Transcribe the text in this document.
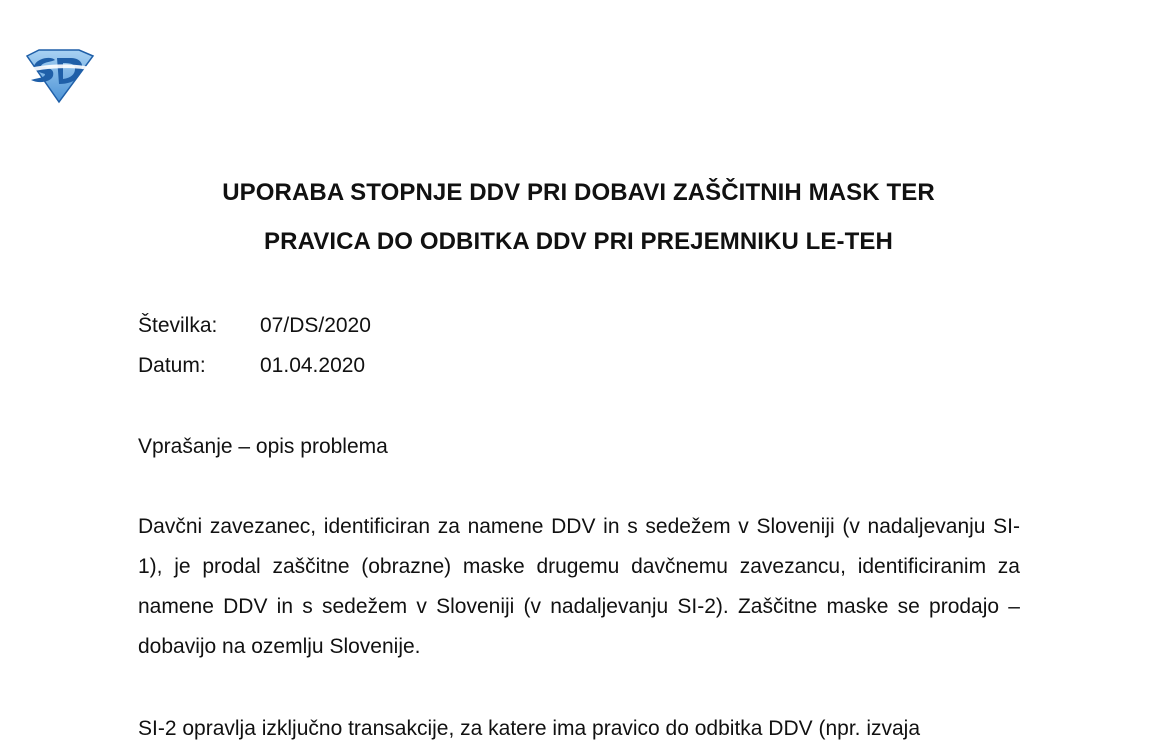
UPORABA STOPNJE DDV PRI DOBAVI ZAŠČITNIH MASK TER
PRAVICA DO ODBITKA DDV PRI PREJEMNIKU LE-TEH
Številka: 07/DS/2020
Datum:	01.04.2020
Vprašanje – opis problema

Davčni zavezanec, identificiran za namene DDV in s sedežem v Sloveniji (v nadaljevanju SI-1), je prodal zaščitne (obrazne) maske drugemu davčnemu zavezancu, identificiranim za namene DDV in s sedežem v Sloveniji (v nadaljevanju SI-2). Zaščitne maske se prodajo – dobavijo na ozemlju Slovenije.

SI-2 opravlja izključno transakcije, za katere ima pravico do odbitka DDV (npr. izvaja
